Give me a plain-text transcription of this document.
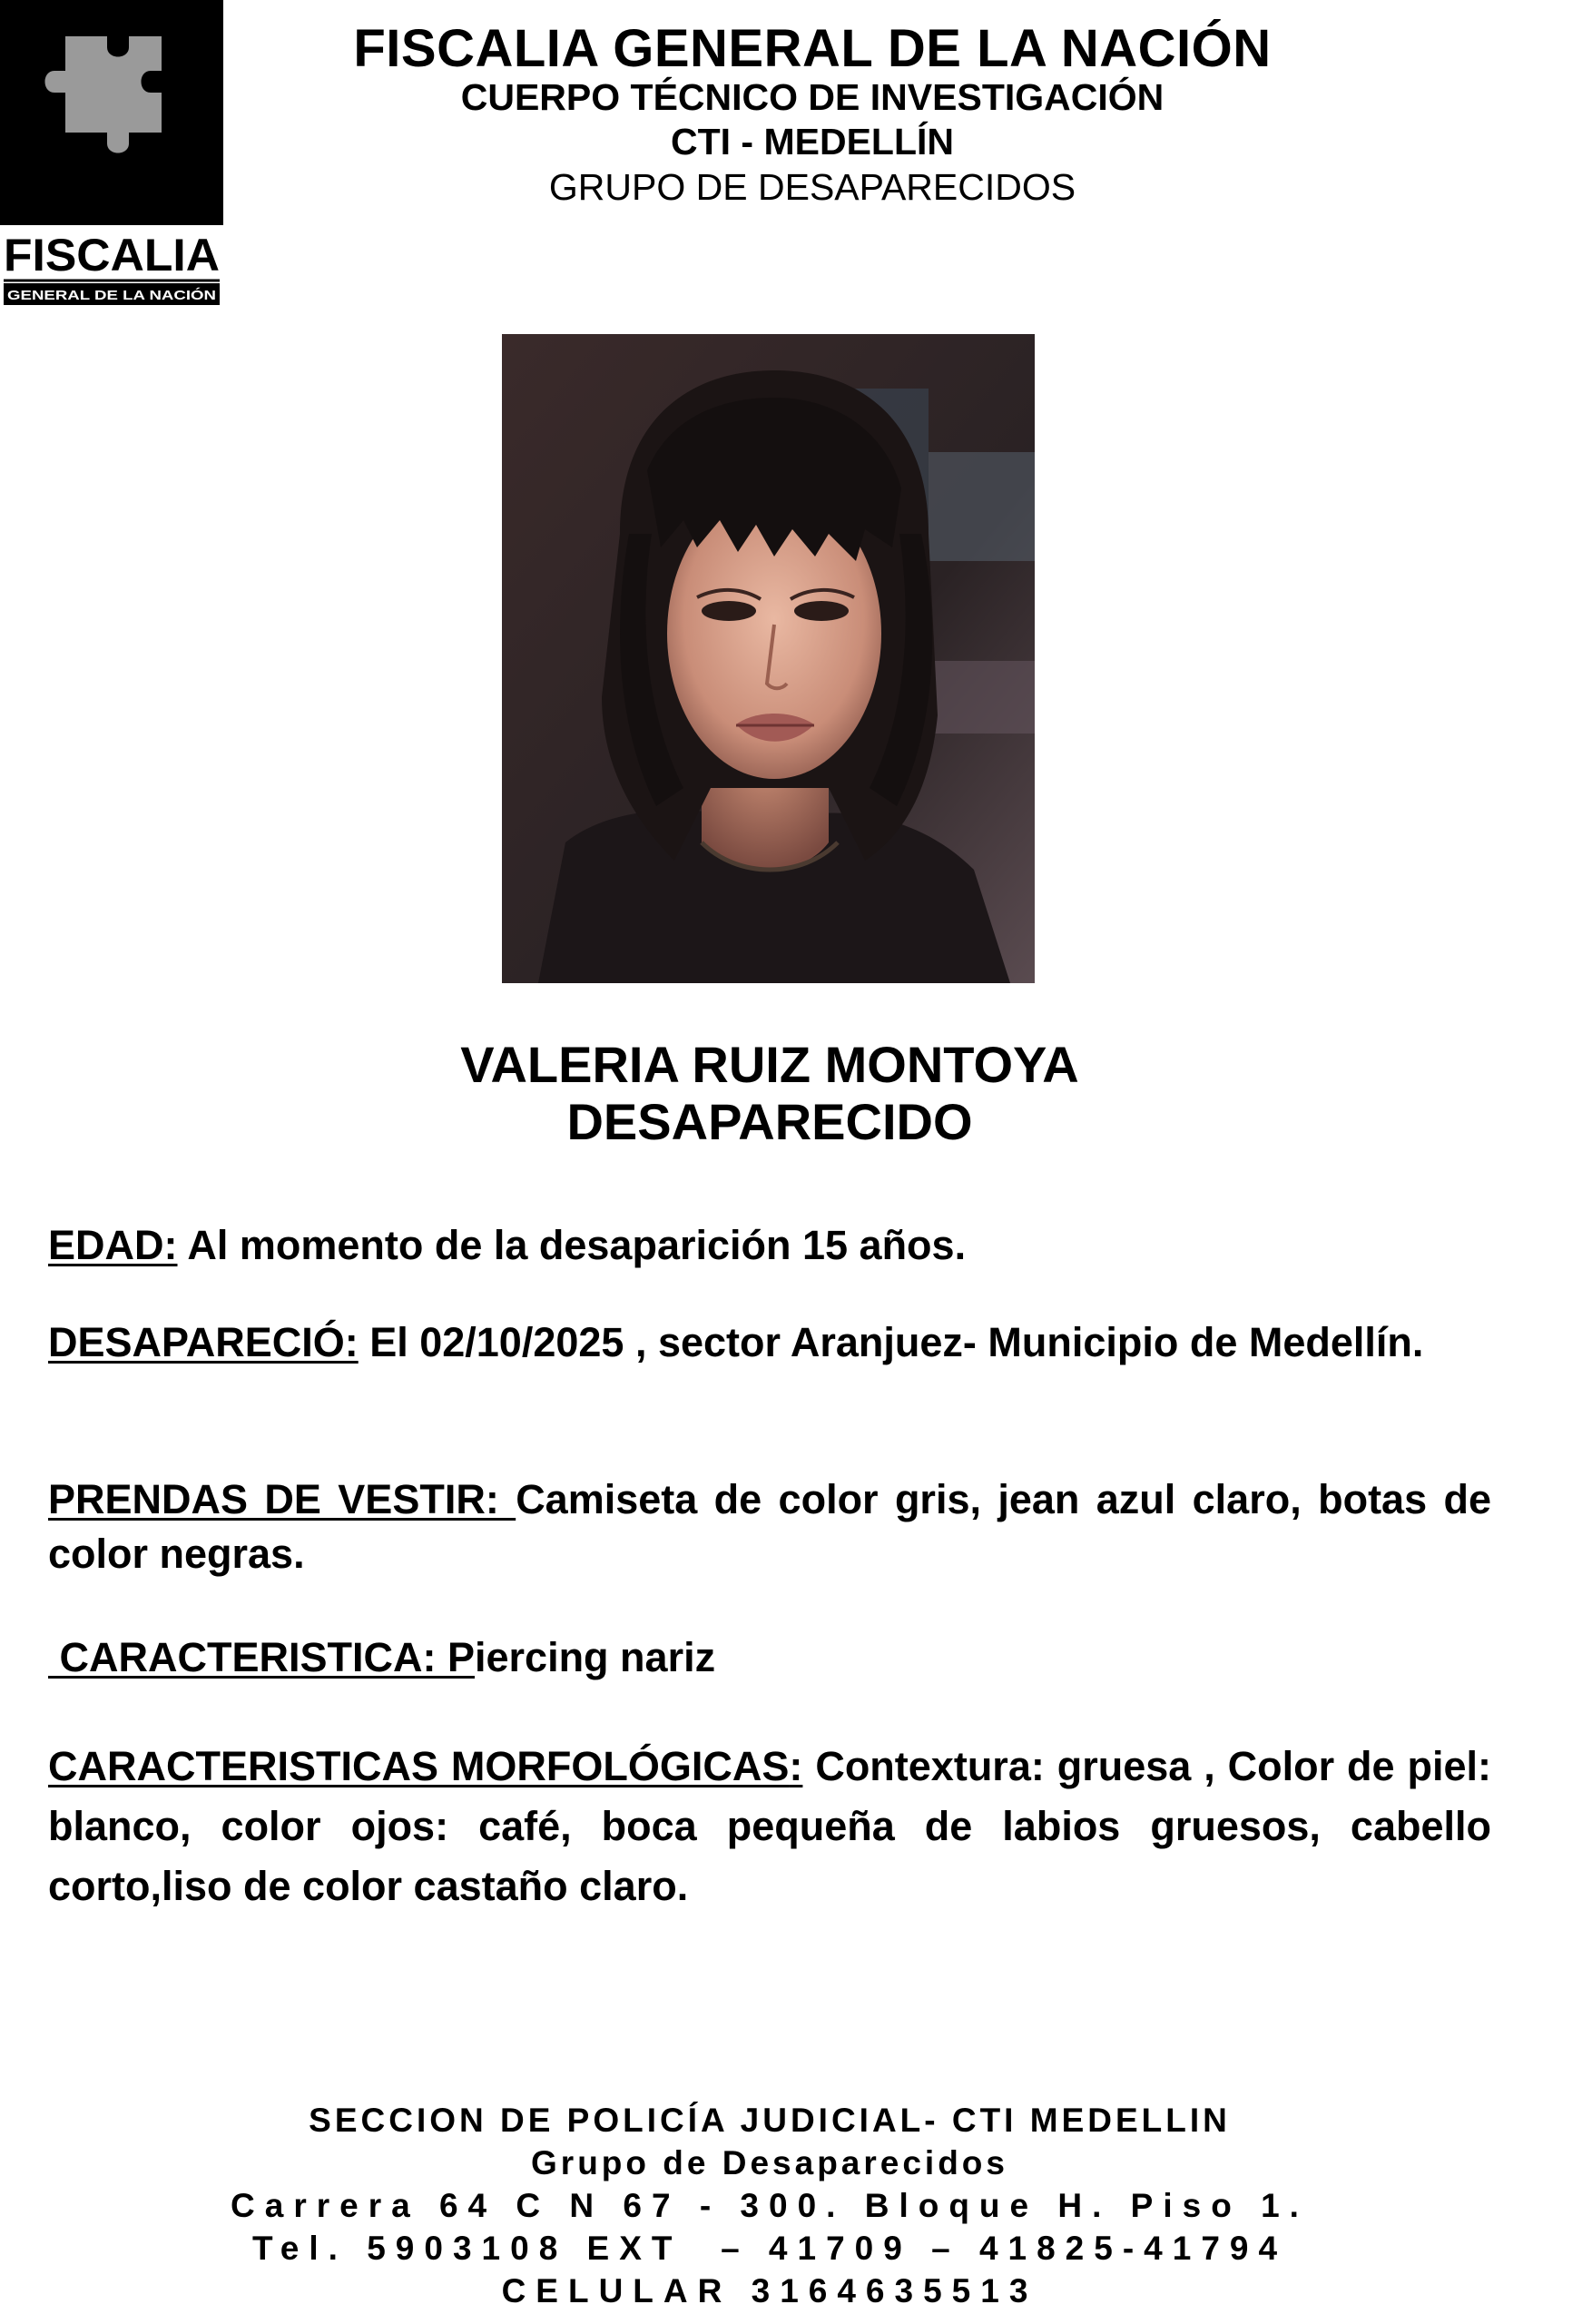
FISCALIA
GENERAL DE LA NACIÓN
FISCALIA GENERAL DE LA NACIÓN
CUERPO TÉCNICO DE INVESTIGACIÓN
CTI - MEDELLÍN
GRUPO DE DESAPARECIDOS
VALERIA RUIZ MONTOYA
DESAPARECIDO
EDAD: Al momento de la desaparición 15 años.
DESAPARECIÓ: El 02/10/2025 , sector Aranjuez- Municipio de Medellín.
PRENDAS DE VESTIR: Camiseta de color gris, jean azul claro, botas de color negras.
CARACTERISTICA: Piercing nariz
CARACTERISTICAS MORFOLÓGICAS: Contextura: gruesa , Color de piel: blanco, color ojos: café, boca pequeña de labios gruesos, cabello corto,liso de color castaño claro.
SECCION DE POLICÍA JUDICIAL- CTI MEDELLIN
Grupo de Desaparecidos
Carrera 64 C N 67 - 300. Bloque H. Piso 1.
Tel. 5903108 EXT  – 41709 – 41825-41794
CELULAR 3164635513
